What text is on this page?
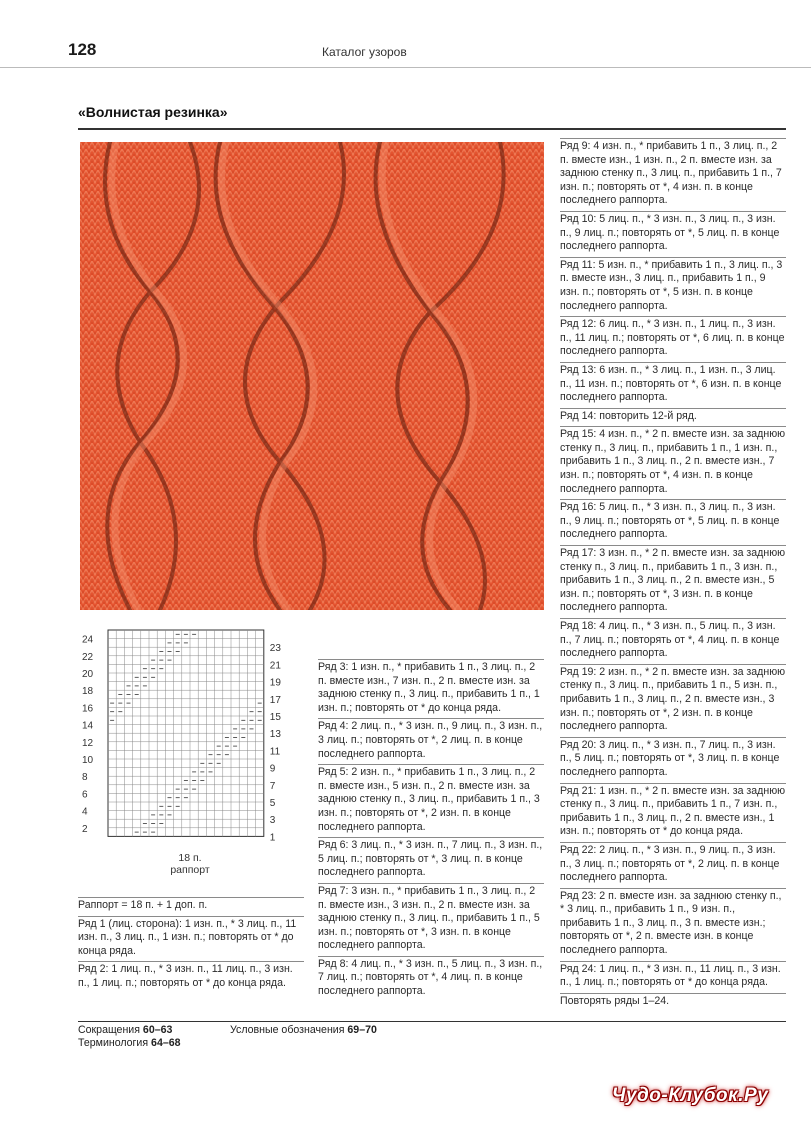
128	Каталог узоров
«Волнистая резинка»
24
22
20
18
16
14
12
10
8
6
4
2
23
21
19
17
15
13
11
9
7
5
3
1
18 п.
раппорт
Раппорт = 18 п. + 1 доп. п.
Ряд 1 (лиц. сторона): 1 изн. п., * 3 лиц. п., 11 изн. п., 3 лиц. п., 1 изн. п.; повторять от * до конца ряда.
Ряд 2: 1 лиц. п., * 3 изн. п., 11 лиц. п., 3 изн. п., 1 лиц. п.; повторять от * до конца ряда.
Ряд 3: 1 изн. п., * прибавить 1 п., 3 лиц. п., 2 п. вместе изн., 7 изн. п., 2 п. вместе изн. за заднюю стенку п., 3 лиц. п., прибавить 1 п., 1 изн. п.; повторять от * до конца ряда.
Ряд 4: 2 лиц. п., * 3 изн. п., 9 лиц. п., 3 изн. п., 3 лиц. п.; повторять от *, 2 лиц. п. в конце последнего раппорта.
Ряд 5: 2 изн. п., * прибавить 1 п., 3 лиц. п., 2 п. вместе изн., 5 изн. п., 2 п. вместе изн. за заднюю стенку п., 3 лиц. п., прибавить 1 п., 3 изн. п.; повторять от *, 2 изн. п. в конце последнего раппорта.
Ряд 6: 3 лиц. п., * 3 изн. п., 7 лиц. п., 3 изн. п., 5 лиц. п.; повторять от *, 3 лиц. п. в конце последнего раппорта.
Ряд 7: 3 изн. п., * прибавить 1 п., 3 лиц. п., 2 п. вместе изн., 3 изн. п., 2 п. вместе изн. за заднюю стенку п., 3 лиц. п., прибавить 1 п., 5 изн. п.; повторять от *, 3 изн. п. в конце последнего раппорта.
Ряд 8: 4 лиц. п., * 3 изн. п., 5 лиц. п., 3 изн. п., 7 лиц. п.; повторять от *, 4 лиц. п. в конце последнего раппорта.
Ряд 9: 4 изн. п., * прибавить 1 п., 3 лиц. п., 2 п. вместе изн., 1 изн. п., 2 п. вместе изн. за заднюю стенку п., 3 лиц. п., прибавить 1 п., 7 изн. п.; повторять от *, 4 изн. п. в конце последнего раппорта.
Ряд 10: 5 лиц. п., * 3 изн. п., 3 лиц. п., 3 изн. п., 9 лиц. п.; повторять от *, 5 лиц. п. в конце последнего раппорта.
Ряд 11: 5 изн. п., * прибавить 1 п., 3 лиц. п., 3 п. вместе изн., 3 лиц. п., прибавить 1 п., 9 изн. п.; повторять от *, 5 изн. п. в конце последнего раппорта.
Ряд 12: 6 лиц. п., * 3 изн. п., 1 лиц. п., 3 изн. п., 11 лиц. п.; повторять от *, 6 лиц. п. в конце последнего раппорта.
Ряд 13: 6 изн. п., * 3 лиц. п., 1 изн. п., 3 лиц. п., 11 изн. п.; повторять от *, 6 изн. п. в конце последнего раппорта.
Ряд 14: повторить 12-й ряд.
Ряд 15: 4 изн. п., * 2 п. вместе изн. за заднюю стенку п., 3 лиц. п., прибавить 1 п., 1 изн. п., прибавить 1 п., 3 лиц. п., 2 п. вместе изн., 7 изн. п.; повторять от *, 4 изн. п. в конце последнего раппорта.
Ряд 16: 5 лиц. п., * 3 изн. п., 3 лиц. п., 3 изн. п., 9 лиц. п.; повторять от *, 5 лиц. п. в конце последнего раппорта.
Ряд 17: 3 изн. п., * 2 п. вместе изн. за заднюю стенку п., 3 лиц. п., прибавить 1 п., 3 изн. п., прибавить 1 п., 3 лиц. п., 2 п. вместе изн., 5 изн. п.; повторять от *, 3 изн. п. в конце последнего раппорта.
Ряд 18: 4 лиц. п., * 3 изн. п., 5 лиц. п., 3 изн. п., 7 лиц. п.; повторять от *, 4 лиц. п. в конце последнего раппорта.
Ряд 19: 2 изн. п., * 2 п. вместе изн. за заднюю стенку п., 3 лиц. п., прибавить 1 п., 5 изн. п., прибавить 1 п., 3 лиц. п., 2 п. вместе изн., 3 изн. п.; повторять от *, 2 изн. п. в конце последнего раппорта.
Ряд 20: 3 лиц. п., * 3 изн. п., 7 лиц. п., 3 изн. п., 5 лиц. п.; повторять от *, 3 лиц. п. в конце последнего раппорта.
Ряд 21: 1 изн. п., * 2 п. вместе изн. за заднюю стенку п., 3 лиц. п., прибавить 1 п., 7 изн. п., прибавить 1 п., 3 лиц. п., 2 п. вместе изн., 1 изн. п.; повторять от * до конца ряда.
Ряд 22: 2 лиц. п., * 3 изн. п., 9 лиц. п., 3 изн. п., 3 лиц. п.; повторять от *, 2 лиц. п. в конце последнего раппорта.
Ряд 23: 2 п. вместе изн. за заднюю стенку п., * 3 лиц. п., прибавить 1 п., 9 изн. п., прибавить 1 п., 3 лиц. п., 3 п. вместе изн.; повторять от *, 2 п. вместе изн. в конце последнего раппорта.
Ряд 24: 1 лиц. п., * 3 изн. п., 11 лиц. п., 3 изн. п., 1 лиц. п.; повторять от * до конца ряда.
Повторять ряды 1–24.
Сокращения 60–63
Терминология 64–68
Условные обозначения 69–70
Чудо-Клубок.Ру
